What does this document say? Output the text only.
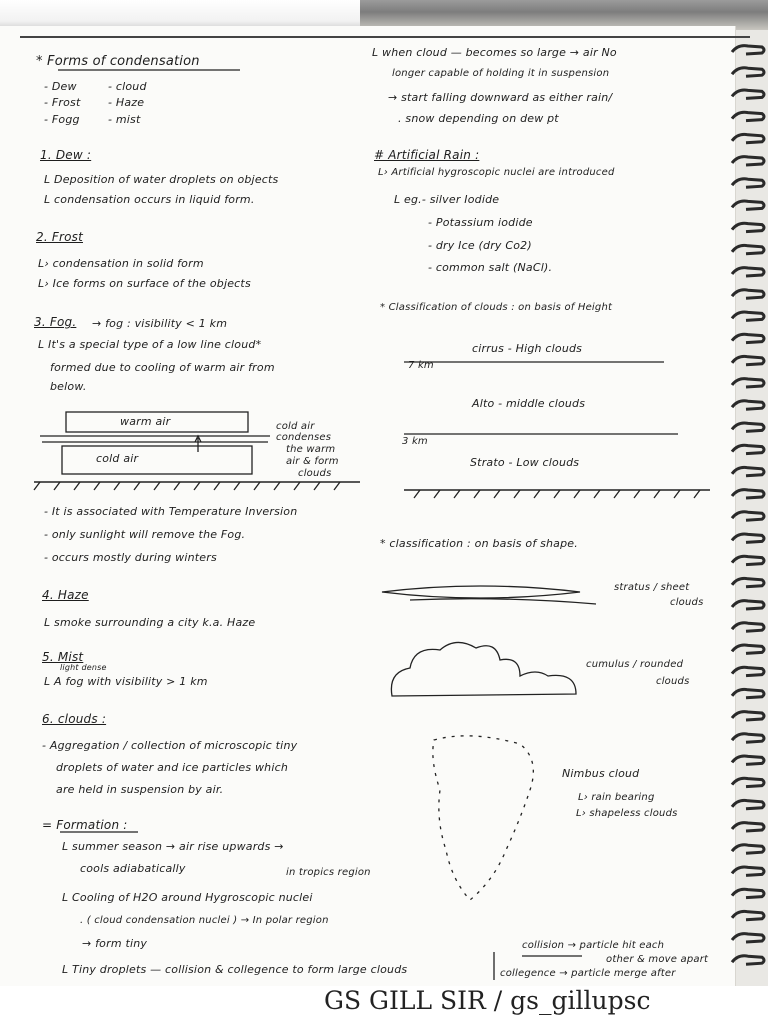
* Forms of condensation
- Dew	- cloud
- Frost	- Haze
- Fogg	- mist
1. Dew :
L Deposition of water droplets on objects
L condensation occurs in liquid form.
2. Frost
L› condensation in solid form
L› Ice forms on surface of the objects
3. Fog. → fog : visibility < 1 km
L It's a special type of a low line cloud*
formed due to cooling of warm air from
below.
warm air
cold air
cold air
condenses
the warm
air & form
clouds
- It is associated with Temperature Inversion
- only sunlight will remove the Fog.
- occurs mostly during winters
4. Haze
L smoke surrounding a city k.a. Haze
5. Mist
light dense
L A fog with visibility > 1 km
6. clouds :
- Aggregation / collection of microscopic tiny
droplets of water and ice particles which
are held in suspension by air.
= Formation :
L summer season → air rise upwards →
cools adiabatically	in tropics region
L Cooling of H2O around Hygroscopic nuclei
. ( cloud condensation nuclei ) → In polar region
→ form tiny
L Tiny droplets — collision & collegence to form large clouds
L when cloud — becomes so large → air No
longer capable of holding it in suspension
→ start falling downward as either rain/
. snow depending on dew pt
# Artificial Rain :
L› Artificial hygroscopic nuclei are introduced
L eg.- silver Iodide
- Potassium iodide
- dry Ice (dry Co2)
- common salt (NaCl).
* Classification of clouds : on basis of Height
cirrus - High clouds
7 km
Alto - middle clouds
3 km
Strato - Low clouds
* classification : on basis of shape.
stratus / sheet
clouds
cumulus / rounded
clouds
Nimbus cloud
L› rain bearing
L› shapeless clouds
collision → particle hit each
other & move apart
collegence → particle merge after
GS GILL SIR / gs_gillupsc
